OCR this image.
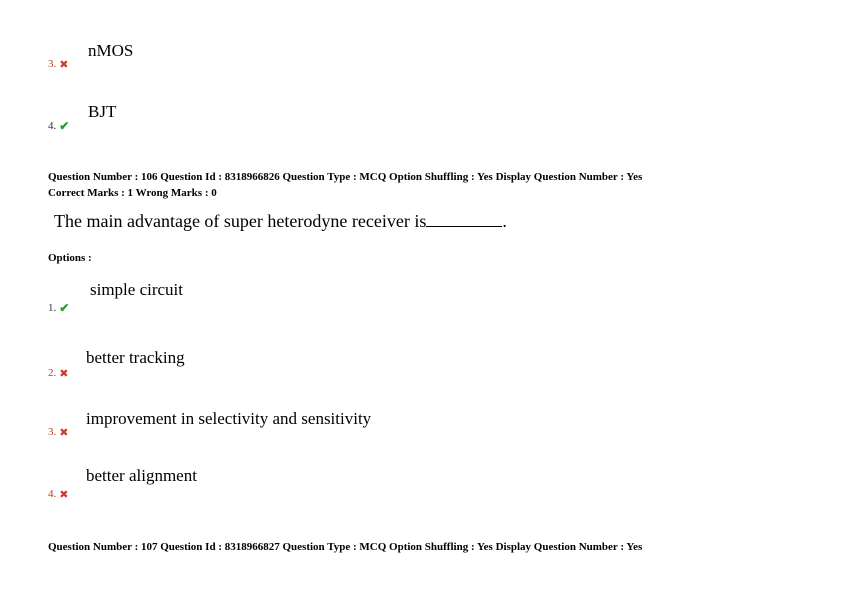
nMOS
3. ✖
BJT
4. ✔
Question Number : 106 Question Id : 8318966826 Question Type : MCQ Option Shuffling : Yes Display Question Number : Yes
Correct Marks : 1 Wrong Marks : 0
The main advantage of super heterodyne receiver is	.
Options :
simple circuit
1. ✔
better tracking
2. ✖
improvement in selectivity and sensitivity
3. ✖
better alignment
4. ✖
Question Number : 107 Question Id : 8318966827 Question Type : MCQ Option Shuffling : Yes Display Question Number : Yes
